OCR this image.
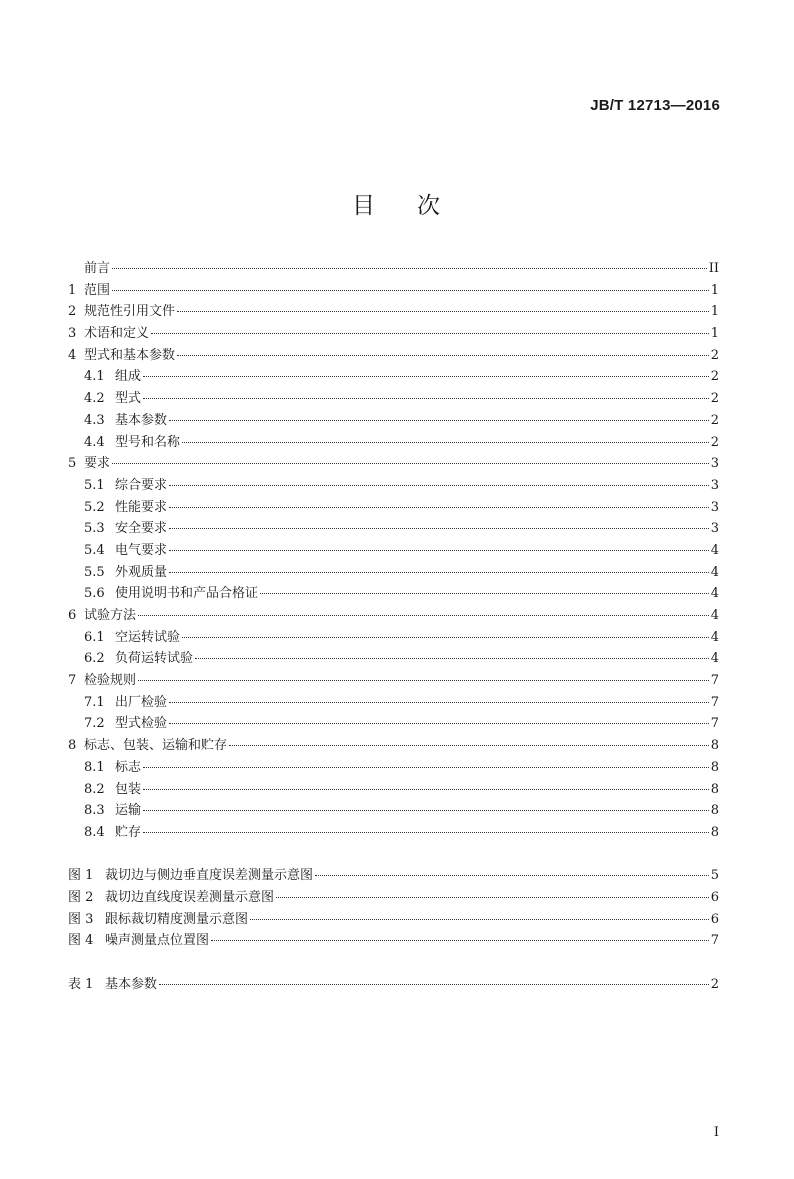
JB/T 12713—2016
目 次
前言	II
1 范围	1
2 规范性引用文件	1
3 术语和定义	1
4 型式和基本参数	2
4.1 组成	2
4.2 型式	2
4.3 基本参数	2
4.4 型号和名称	2
5 要求	3
5.1 综合要求	3
5.2 性能要求	3
5.3 安全要求	3
5.4 电气要求	4
5.5 外观质量	4
5.6 使用说明书和产品合格证	4
6 试验方法	4
6.1 空运转试验	4
6.2 负荷运转试验	4
7 检验规则	7
7.1 出厂检验	7
7.2 型式检验	7
8 标志、包装、运输和贮存	8
8.1 标志	8
8.2 包装	8
8.3 运输	8
8.4 贮存	8
图 1 裁切边与侧边垂直度误差测量示意图	5
图 2 裁切边直线度误差测量示意图	6
图 3 跟标裁切精度测量示意图	6
图 4 噪声测量点位置图	7
表 1 基本参数	2
I
